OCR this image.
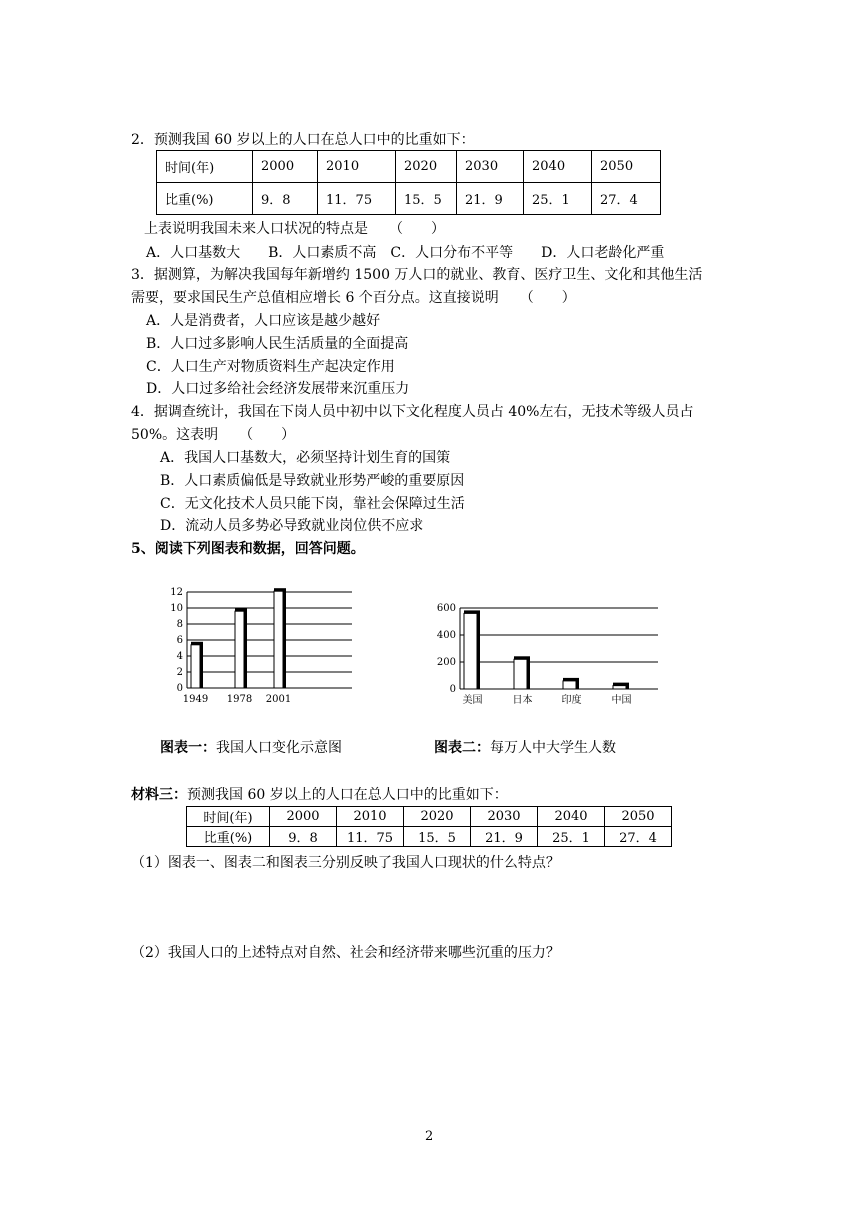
2．预测我国 60 岁以上的人口在总人口中的比重如下：
时间(年)	2000	2010	2020	2030	2040	2050
比重(%)	9．8	11．75	15．5	21．9	25．1	27．4
上表说明我国未来人口状况的特点是　　（　　）
A．人口基数大　　B．人口素质不高　C．人口分布不平等　　D．人口老龄化严重
3．据测算，为解决我国每年新增约 1500 万人口的就业、教育、医疗卫生、文化和其他生活
需要，要求国民生产总值相应增长 6 个百分点。这直接说明　　（　　）
A．人是消费者，人口应该是越少越好
B．人口过多影响人民生活质量的全面提高
C．人口生产对物质资料生产起决定作用
D．人口过多给社会经济发展带来沉重压力
4．据调查统计，我国在下岗人员中初中以下文化程度人员占 40%左右，无技术等级人员占
50%。这表明　　（　　）
A．我国人口基数大，必须坚持计划生育的国策
B．人口素质偏低是导致就业形势严峻的重要原因
C．无文化技术人员只能下岗，靠社会保障过生活
D．流动人员多势必导致就业岗位供不应求
5、阅读下列图表和数据，回答问题。
0
2
4
6
8
10
12
1949 1978 2001
0
200
400
600
美国	日本	印度	中国
图表一：我国人口变化示意图	图表二：每万人中大学生人数
材料三：预测我国 60 岁以上的人口在总人口中的比重如下：
时间(年)	2000	2010	2020	2030	2040	2050
比重(%)	9．8	11．75	15．5	21．9	25．1	27．4
（1）图表一、图表二和图表三分别反映了我国人口现状的什么特点？
（2）我国人口的上述特点对自然、社会和经济带来哪些沉重的压力？
2
